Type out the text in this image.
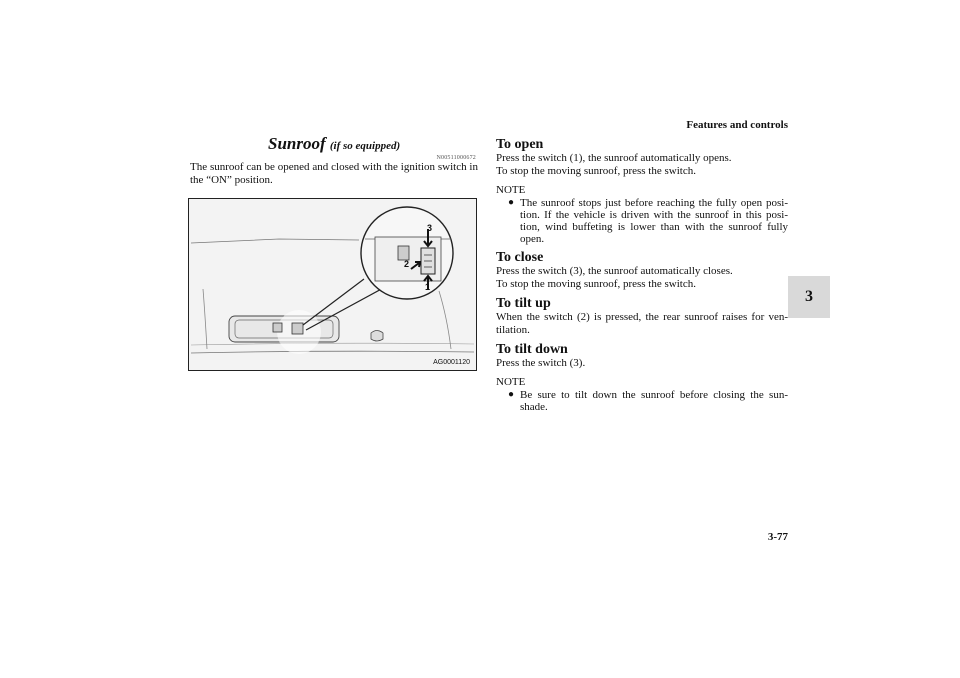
Features and controls
3
3-77
Sunroof (if so equipped)
N00511000672
The sunroof can be opened and closed with the ignition switch in the “ON” position.
3
2
1
AG0001120
To open
Press the switch (1), the sunroof automatically opens.
To stop the moving sunroof, press the switch.
NOTE
● The sunroof stops just before reaching the fully open posi-tion. If the vehicle is driven with the sunroof in this posi-tion, wind buffeting is lower than with the sunroof fully open.
To close
Press the switch (3), the sunroof automatically closes.
To stop the moving sunroof, press the switch.
To tilt up
When the switch (2) is pressed, the rear sunroof raises for ven-tilation.
To tilt down
Press the switch (3).
NOTE
● Be sure to tilt down the sunroof before closing the sun-shade.
